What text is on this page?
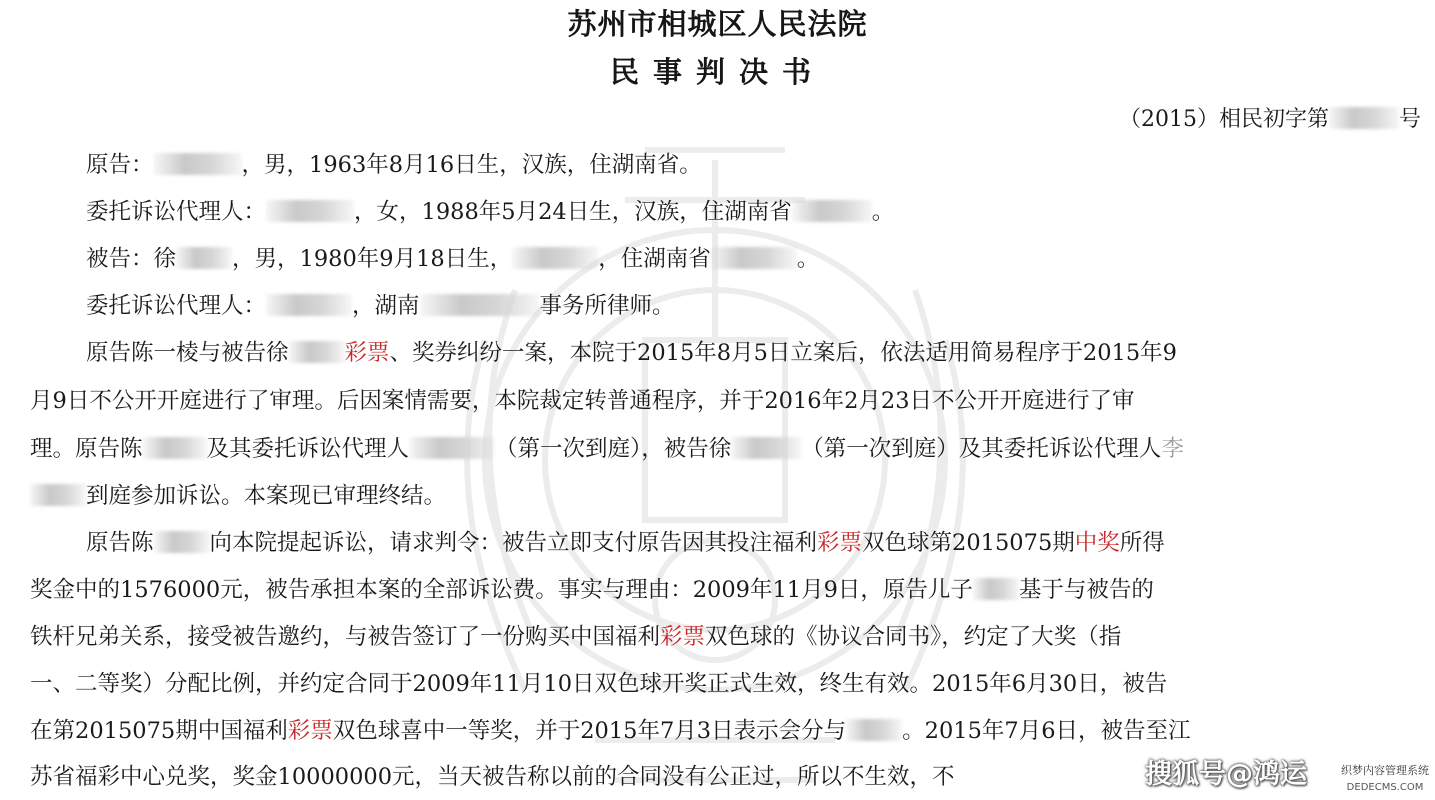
苏州市相城区人民法院
民事判决书
（2015）相民初字第	号
原告：	，男，1963年8月16日生，汉族，住湖南省。
委托诉讼代理人：	，女，1988年5月24日生，汉族，住湖南省	。
被告：徐 ，男，1980年9月18日生，	，住湖南省	。
委托诉讼代理人：	，湖南	事务所律师。
原告陈一棱与被告徐 彩票、奖券纠纷一案，本院于2015年8月5日立案后，依法适用简易程序于2015年9
月9日不公开开庭进行了审理。后因案情需要，本院裁定转普通程序，并于2016年2月23日不公开开庭进行了审
理。原告陈	及其委托诉讼代理人	（第一次到庭），被告徐	（第一次到庭）及其委托诉讼代理人李
到庭参加诉讼。本案现已审理终结。
原告陈 向本院提起诉讼，请求判令：被告立即支付原告因其投注福利彩票双色球第2015075期中奖所得
奖金中的1576000元，被告承担本案的全部诉讼费。事实与理由：2009年11月9日，原告儿子 基于与被告的
铁杆兄弟关系，接受被告邀约，与被告签订了一份购买中国福利彩票双色球的《协议合同书》，约定了大奖（指
一、二等奖）分配比例，并约定合同于2009年11月10日双色球开奖正式生效，终生有效。2015年6月30日，被告
在第2015075期中国福利彩票双色球喜中一等奖，并于2015年7月3日表示会分与 。2015年7月6日，被告至江
苏省福彩中心兑奖，奖金10000000元，当天被告称以前的合同没有公正过，所以不生效，不	搜狐号@鸿运	织梦内容管理系统
DEDECMS.COM
